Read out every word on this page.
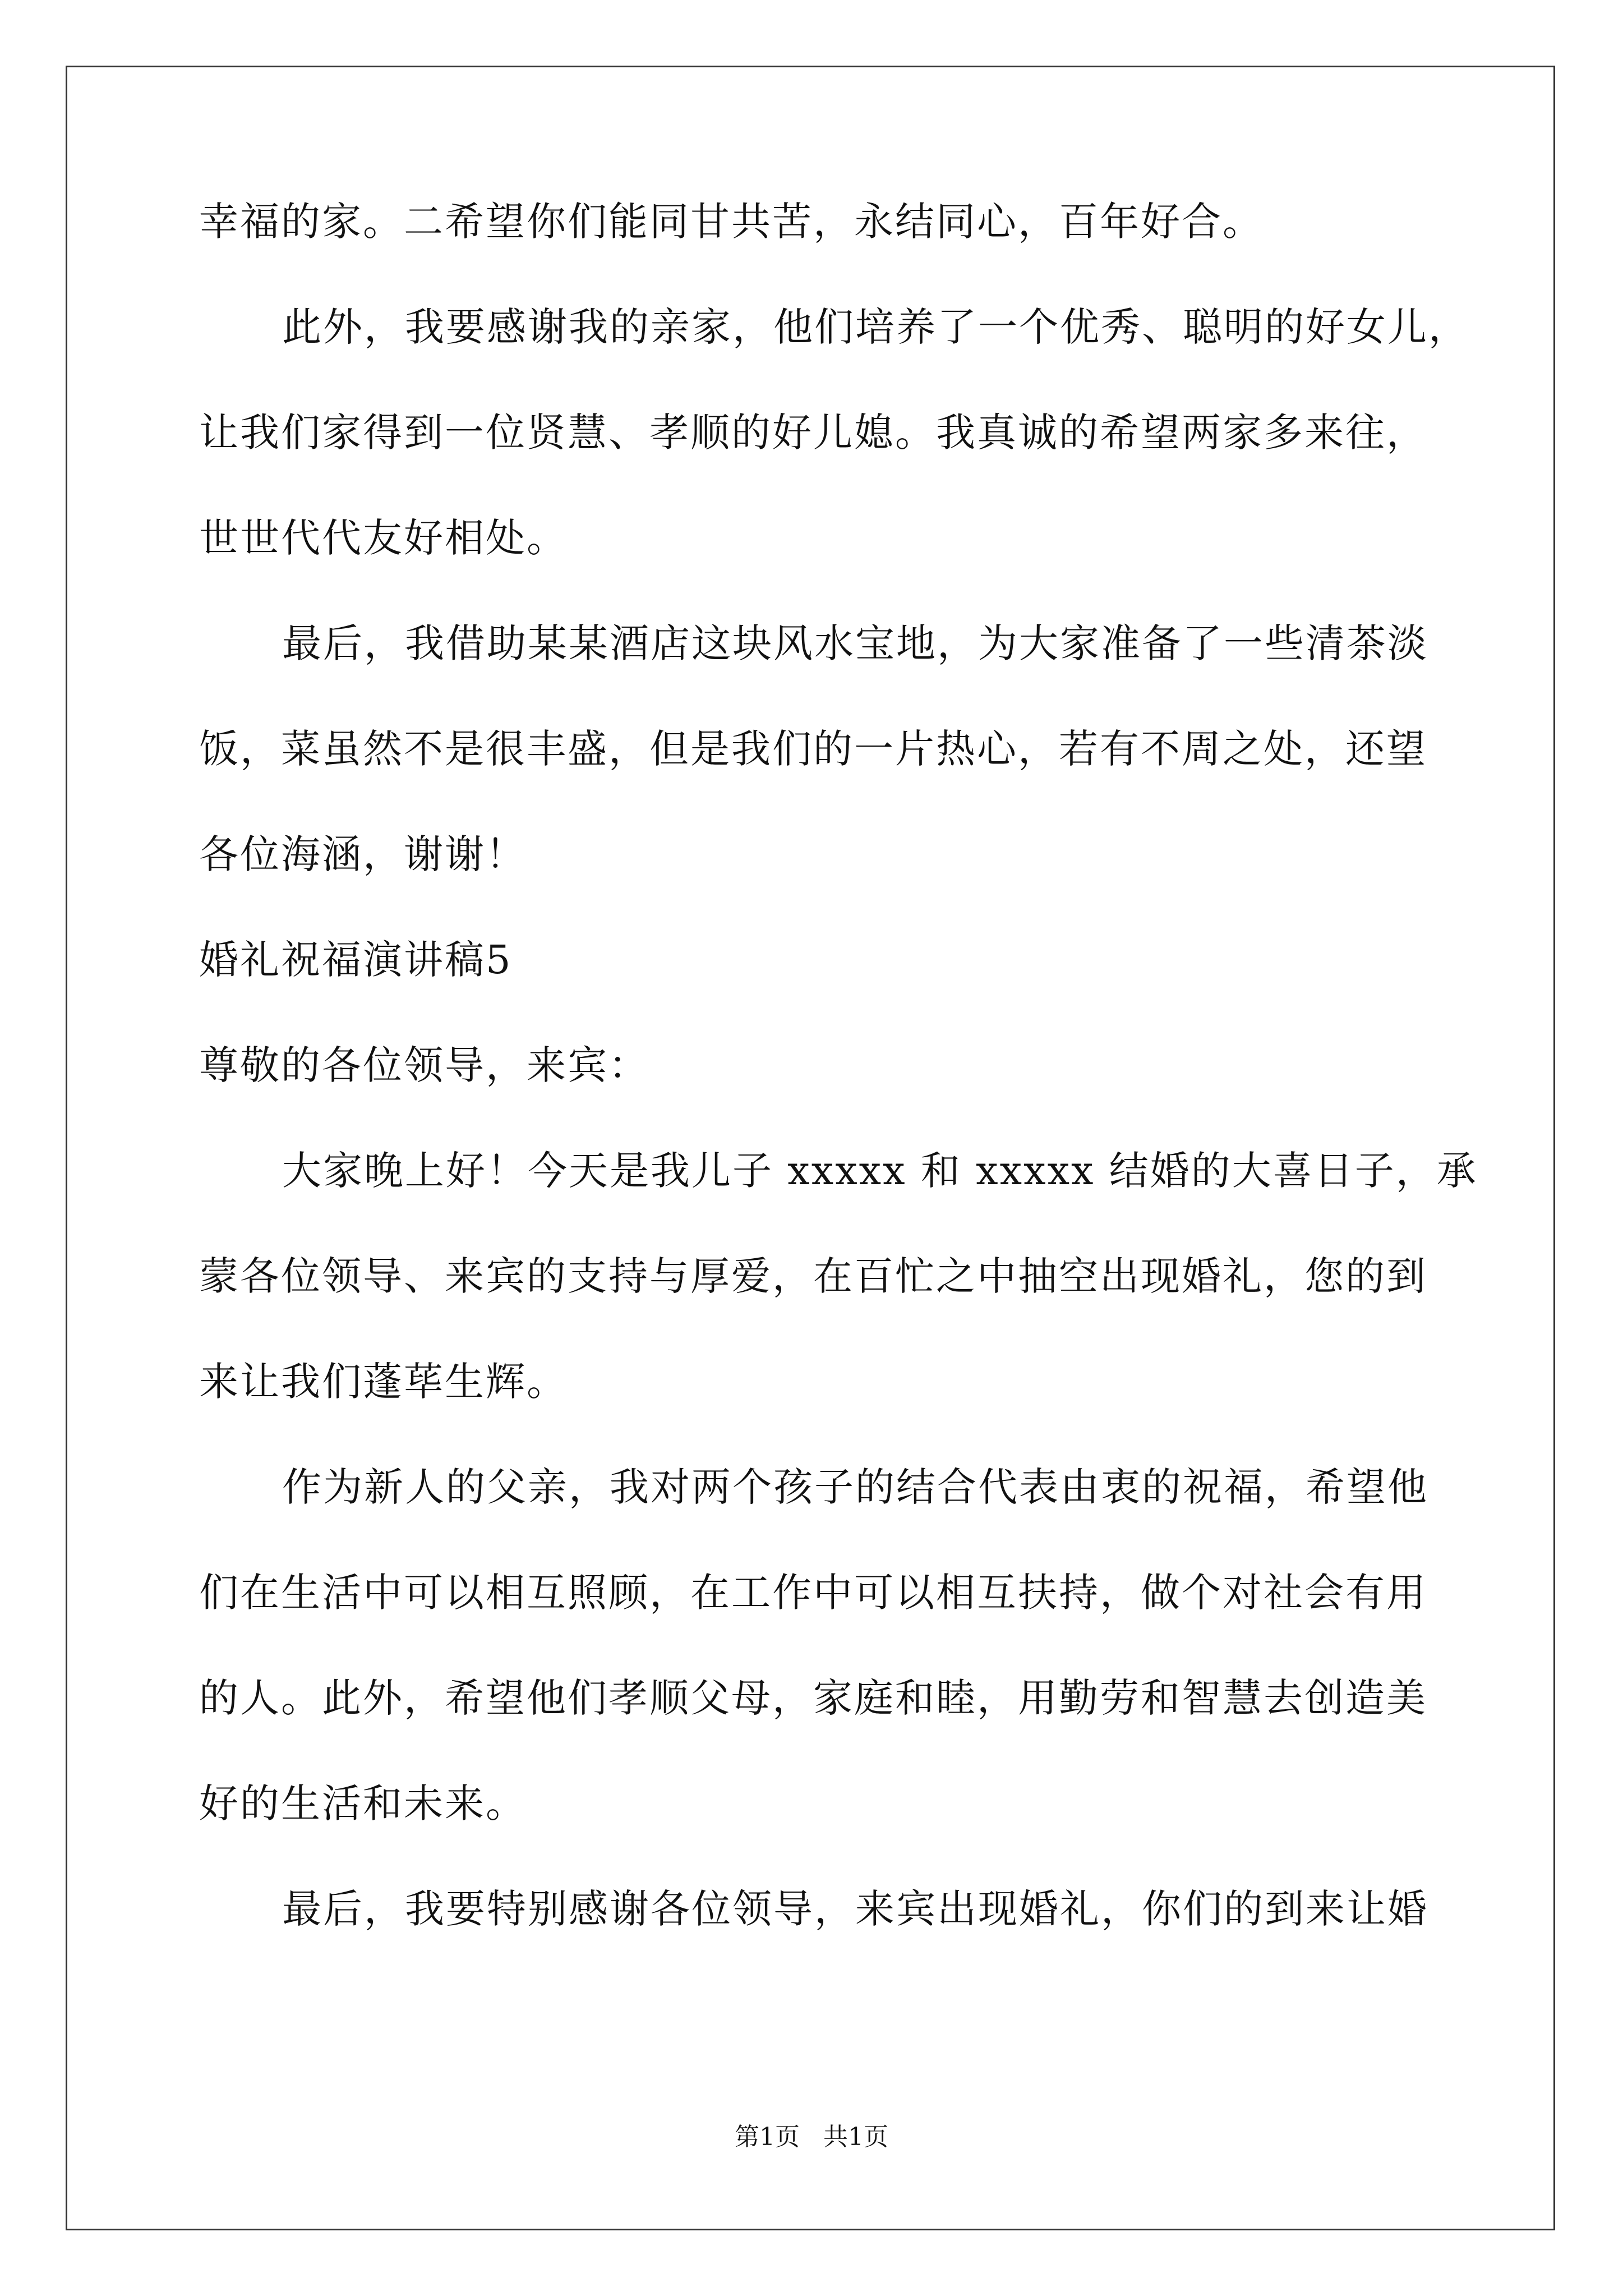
幸福的家。二希望你们能同甘共苦，永结同心，百年好合。
此外，我要感谢我的亲家，他们培养了一个优秀、聪明的好女儿，
让我们家得到一位贤慧、孝顺的好儿媳。我真诚的希望两家多来往，
世世代代友好相处。
最后，我借助某某酒店这块风水宝地，为大家准备了一些清茶淡
饭，菜虽然不是很丰盛，但是我们的一片热心，若有不周之处，还望
各位海涵，谢谢！
婚礼祝福演讲稿5
尊敬的各位领导，来宾：
大家晚上好！今天是我儿子 xxxxx 和 xxxxx 结婚的大喜日子，承
蒙各位领导、来宾的支持与厚爱，在百忙之中抽空出现婚礼，您的到
来让我们蓬荜生辉。
作为新人的父亲，我对两个孩子的结合代表由衷的祝福，希望他
们在生活中可以相互照顾，在工作中可以相互扶持，做个对社会有用
的人。此外，希望他们孝顺父母，家庭和睦，用勤劳和智慧去创造美
好的生活和未来。
最后，我要特别感谢各位领导，来宾出现婚礼，你们的到来让婚
第1页 共1页
